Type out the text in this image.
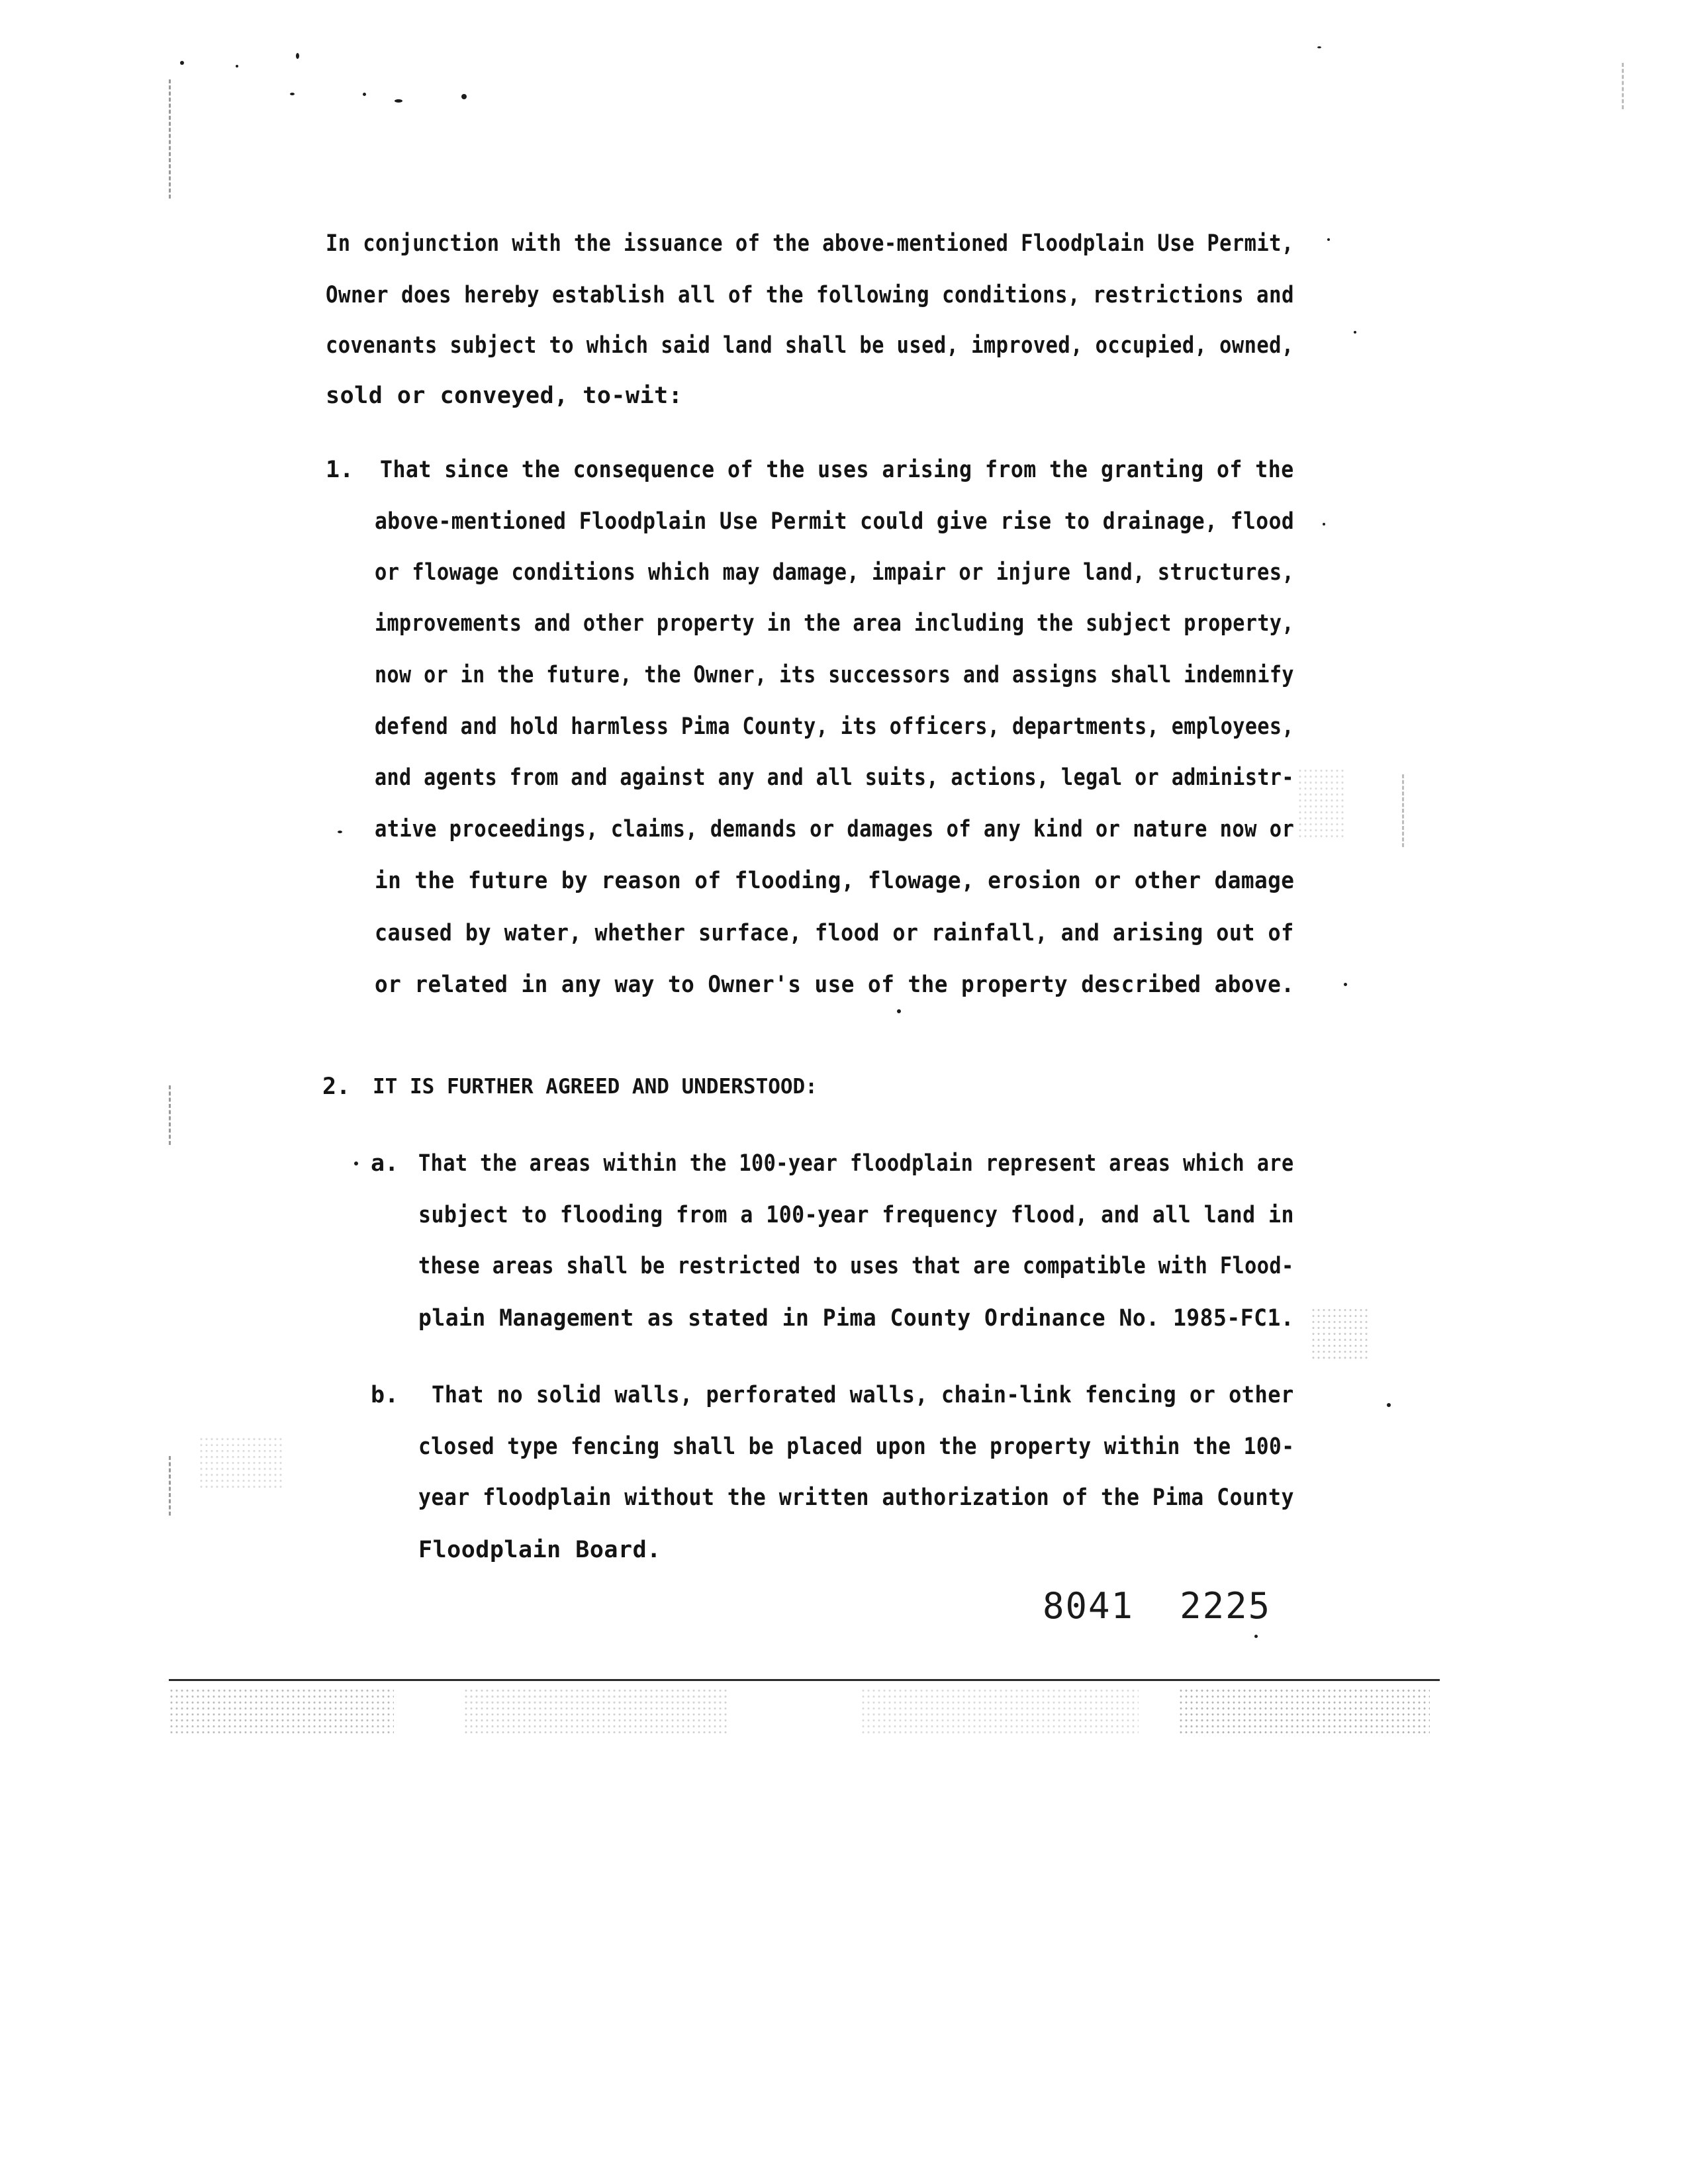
In conjunction with the issuance of the above-mentioned Floodplain Use Permit,
Owner does hereby establish all of the following conditions, restrictions and
covenants subject to which said land shall be used, improved, occupied, owned,
sold or conveyed, to-wit:
1. That since the consequence of the uses arising from the granting of the
above-mentioned Floodplain Use Permit could give rise to drainage, flood
or flowage conditions which may damage, impair or injure land, structures,
improvements and other property in the area including the subject property,
now or in the future, the Owner, its successors and assigns shall indemnify
defend and hold harmless Pima County, its officers, departments, employees,
and agents from and against any and all suits, actions, legal or administr-
ative proceedings, claims, demands or damages of any kind or nature now or
in the future by reason of flooding, flowage, erosion or other damage
caused by water, whether surface, flood or rainfall, and arising out of
or related in any way to Owner's use of the property described above.
2. IT IS FURTHER AGREED AND UNDERSTOOD:
a. That the areas within the 100-year floodplain represent areas which are
subject to flooding from a 100-year frequency flood, and all land in
these areas shall be restricted to uses that are compatible with Flood-
plain Management as stated in Pima County Ordinance No. 1985-FC1.
b. That no solid walls, perforated walls, chain-link fencing or other
closed type fencing shall be placed upon the property within the 100-
year floodplain without the written authorization of the Pima County
Floodplain Board.
8041  2225
